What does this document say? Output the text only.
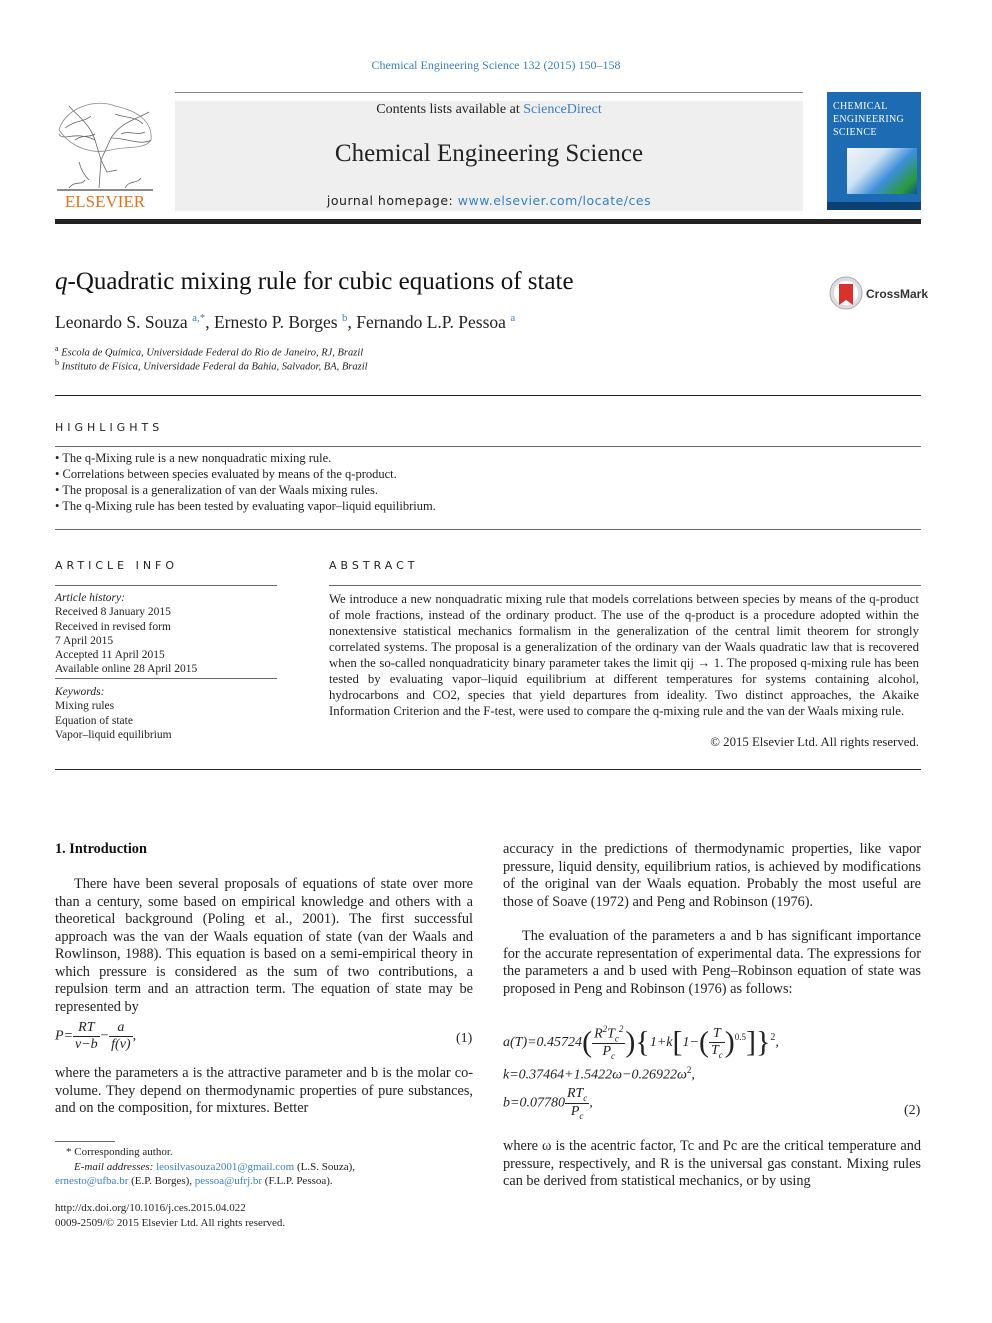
Chemical Engineering Science 132 (2015) 150–158
ELSEVIER
Contents lists available at ScienceDirect
Chemical Engineering Science
journal homepage: www.elsevier.com/locate/ces
CHEMICAL ENGINEERING SCIENCE
q-Quadratic mixing rule for cubic equations of state	CrossMark
Leonardo S. Souza $^{a,*}$, Ernesto P. Borges $^b$, Fernando L.P. Pessoa $^a$
$^a$ Escola de Química, Universidade Federal do Rio de Janeiro, RJ, Brazil
$^b$ Instituto de Física, Universidade Federal da Bahia, Salvador, BA, Brazil
HIGHLIGHTS
• The q-Mixing rule is a new nonquadratic mixing rule.
• Correlations between species evaluated by means of the q-product.
• The proposal is a generalization of van der Waals mixing rules.
• The q-Mixing rule has been tested by evaluating vapor–liquid equilibrium.
ARTICLE INFO
Article history:
Received 8 January 2015
Received in revised form
7 April 2015
Accepted 11 April 2015
Available online 28 April 2015
Keywords:
Mixing rules
Equation of state
Vapor–liquid equilibrium
ABSTRACT
We introduce a new nonquadratic mixing rule that models correlations between species by means of the q-product of mole fractions, instead of the ordinary product. The use of the q-product is a procedure adopted within the nonextensive statistical mechanics formalism in the generalization of the central limit theorem for strongly correlated systems. The proposal is a generalization of the ordinary van der Waals quadratic law that is recovered when the so-called nonquadraticity binary parameter takes the limit qij → 1. The proposed q-mixing rule has been tested by evaluating vapor–liquid equilibrium at different temperatures for systems containing alcohol, hydrocarbons and CO2, species that yield departures from ideality. Two distinct approaches, the Akaike Information Criterion and the F-test, were used to compare the q-mixing rule and the van der Waals mixing rule.
© 2015 Elsevier Ltd. All rights reserved.
1. Introduction

There have been several proposals of equations of state over more than a century, some based on empirical knowledge and others with a theoretical background (Poling et al., 2001). The first successful approach was the van der Waals equation of state (van der Waals and Rowlinson, 1988). This equation is based on a semi-empirical theory in which pressure is considered as the sum of two contributions, a repulsion term and an attraction term. The equation of state may be represented by

$P= \frac{RT}{v-b} - \frac{a}{f(v)}$ ,	(1)

where the parameters a is the attractive parameter and b is the molar co-volume. They depend on thermodynamic properties of pure substances, and on the composition, for mixtures. Better

accuracy in the predictions of thermodynamic properties, like vapor pressure, liquid density, equilibrium ratios, is achieved by modifications of the original van der Waals equation. Probably the most useful are those of Soave (1972) and Peng and Robinson (1976).

The evaluation of the parameters a and b has significant importance for the accurate representation of experimental data. The expressions for the parameters a and b used with Peng–Robinson equation of state was proposed in Peng and Robinson (1976) as follows:

$a(T)=0.45724( \frac{R^2T_c^2}{P_c} )\{1+k[1-( \frac{T}{T_c} )^{0.5}]\}^2$,
$k=0.37464+1.5422\omega-0.26922\omega^2$,
$b=0.07780 \frac{RT_c}{P_c}$ ,
(2)

where ω is the acentric factor, Tc and Pc are the critical temperature and pressure, respectively, and R is the universal gas constant. Mixing rules can be derived from statistical mechanics, or by using

* Corresponding author.
E-mail addresses: leosilvasouza2001@gmail.com (L.S. Souza),
ernesto@ufba.br (E.P. Borges), pessoa@ufrj.br (F.L.P. Pessoa).
http://dx.doi.org/10.1016/j.ces.2015.04.022
0009-2509/© 2015 Elsevier Ltd. All rights reserved.
